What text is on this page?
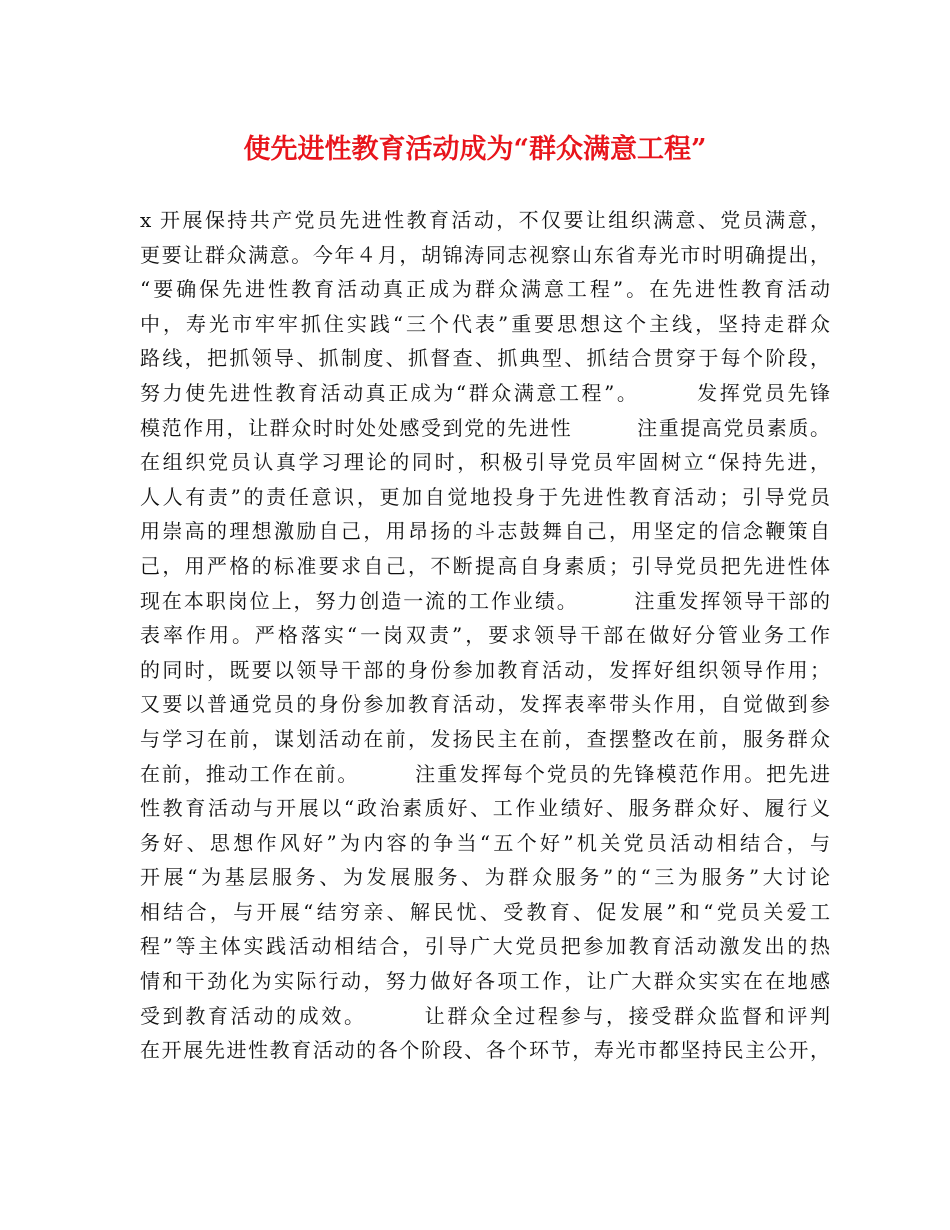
使先进性教育活动成为“群众满意工程”
x 开展保持共产党员先进性教育活动，不仅要让组织满意、党员满意，
更要让群众满意。今年４月，胡锦涛同志视察山东省寿光市时明确提出，
“要确保先进性教育活动真正成为群众满意工程”。在先进性教育活动
中，寿光市牢牢抓住实践“三个代表”重要思想这个主线，坚持走群众
路线，把抓领导、抓制度、抓督查、抓典型、抓结合贯穿于每个阶段，
努力使先进性教育活动真正成为“群众满意工程”。　　　发挥党员先锋
模范作用，让群众时时处处感受到党的先进性　　　注重提高党员素质。
在组织党员认真学习理论的同时，积极引导党员牢固树立“保持先进，
人人有责”的责任意识，更加自觉地投身于先进性教育活动；引导党员
用崇高的理想激励自己，用昂扬的斗志鼓舞自己，用坚定的信念鞭策自
己，用严格的标准要求自己，不断提高自身素质；引导党员把先进性体
现在本职岗位上，努力创造一流的工作业绩。　　　注重发挥领导干部的
表率作用。严格落实“一岗双责”，要求领导干部在做好分管业务工作
的同时，既要以领导干部的身份参加教育活动，发挥好组织领导作用；
又要以普通党员的身份参加教育活动，发挥表率带头作用，自觉做到参
与学习在前，谋划活动在前，发扬民主在前，查摆整改在前，服务群众
在前，推动工作在前。　　　注重发挥每个党员的先锋模范作用。把先进
性教育活动与开展以“政治素质好、工作业绩好、服务群众好、履行义
务好、思想作风好”为内容的争当“五个好”机关党员活动相结合，与
开展“为基层服务、为发展服务、为群众服务”的“三为服务”大讨论
相结合，与开展“结穷亲、解民忧、受教育、促发展”和“党员关爱工
程”等主体实践活动相结合，引导广大党员把参加教育活动激发出的热
情和干劲化为实际行动，努力做好各项工作，让广大群众实实在在地感
受到教育活动的成效。　　　让群众全过程参与，接受群众监督和评判
在开展先进性教育活动的各个阶段、各个环节，寿光市都坚持民主公开，
